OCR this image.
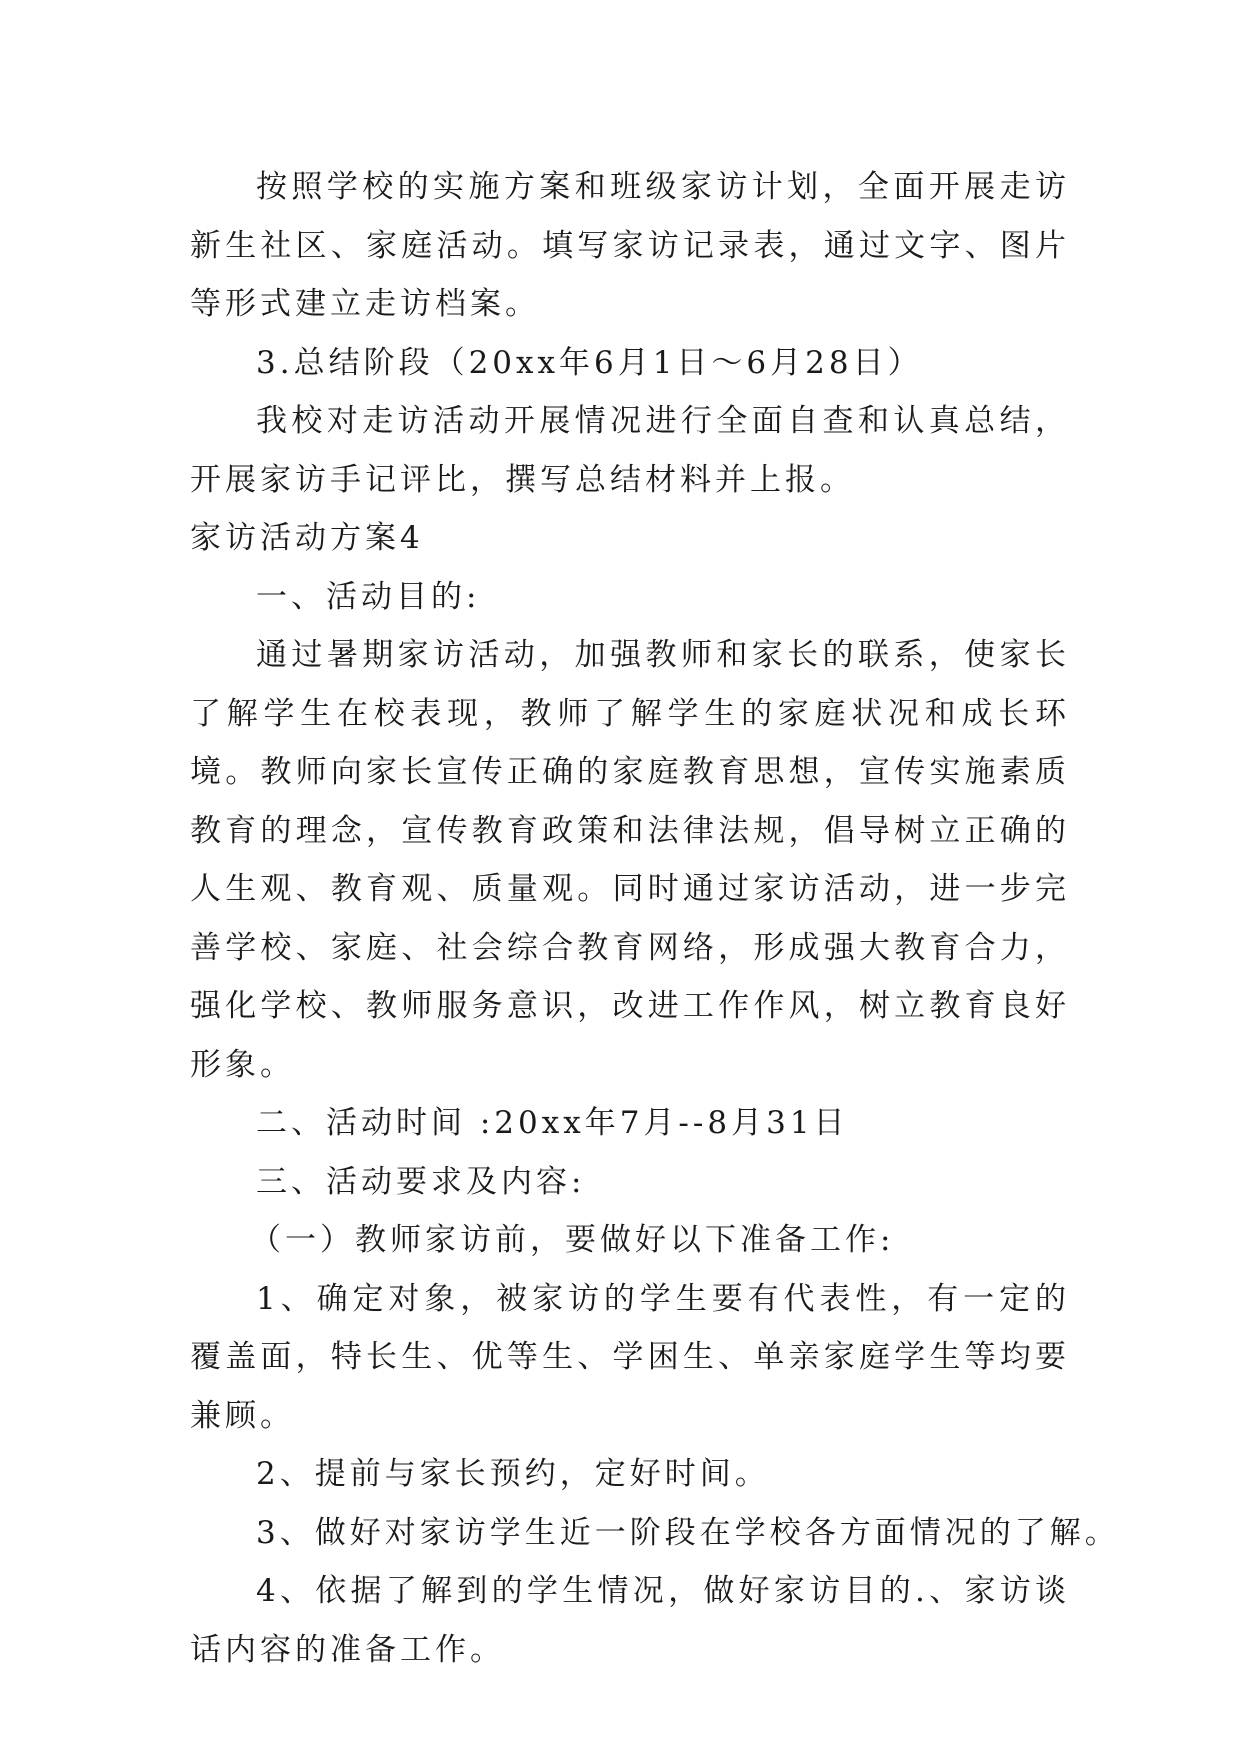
按照学校的实施方案和班级家访计划，全面开展走访新生社区、家庭活动。填写家访记录表，通过文字、图片等形式建立走访档案。

3.总结阶段（20xx年6月1日～6月28日）

我校对走访活动开展情况进行全面自查和认真总结，开展家访手记评比，撰写总结材料并上报。

家访活动方案4

一、活动目的:

通过暑期家访活动，加强教师和家长的联系，使家长了解学生在校表现，教师了解学生的家庭状况和成长环境。教师向家长宣传正确的家庭教育思想，宣传实施素质教育的理念，宣传教育政策和法律法规，倡导树立正确的人生观、教育观、质量观。同时通过家访活动，进一步完善学校、家庭、社会综合教育网络，形成强大教育合力，强化学校、教师服务意识，改进工作作风，树立教育良好形象。

二、活动时间 :20xx年7月--8月31日

三、活动要求及内容:

（一）教师家访前，要做好以下准备工作:

1、确定对象，被家访的学生要有代表性，有一定的覆盖面，特长生、优等生、学困生、单亲家庭学生等均要兼顾。

2、提前与家长预约，定好时间。

3、做好对家访学生近一阶段在学校各方面情况的了解。

4、依据了解到的学生情况，做好家访目的.、家访谈话内容的准备工作。
